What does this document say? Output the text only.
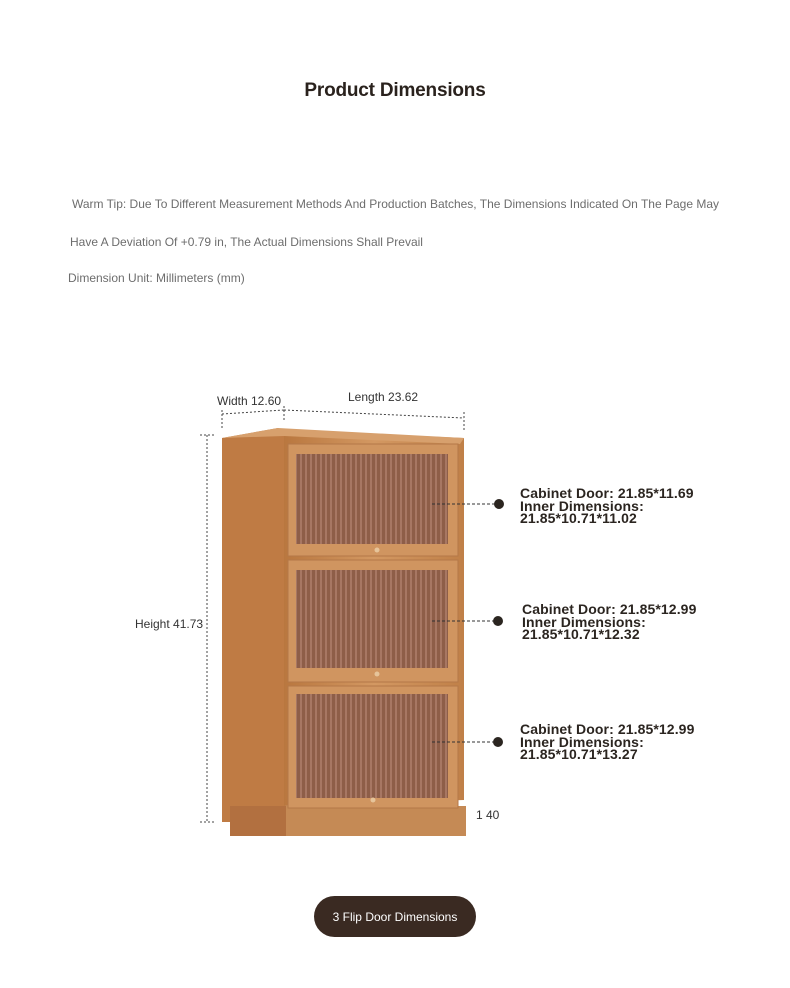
Product Dimensions
Warm Tip: Due To Different Measurement Methods And Production Batches, The Dimensions Indicated On The Page May
Have A Deviation Of +0.79 in, The Actual Dimensions Shall Prevail
Dimension Unit: Millimeters (mm)
Width 12.60	Length 23.62
Height 41.73
1 40
Cabinet Door: 21.85*11.69
Inner Dimensions:
21.85*10.71*11.02
Cabinet Door: 21.85*12.99
Inner Dimensions:
21.85*10.71*12.32
Cabinet Door: 21.85*12.99
Inner Dimensions:
21.85*10.71*13.27
3 Flip Door Dimensions
